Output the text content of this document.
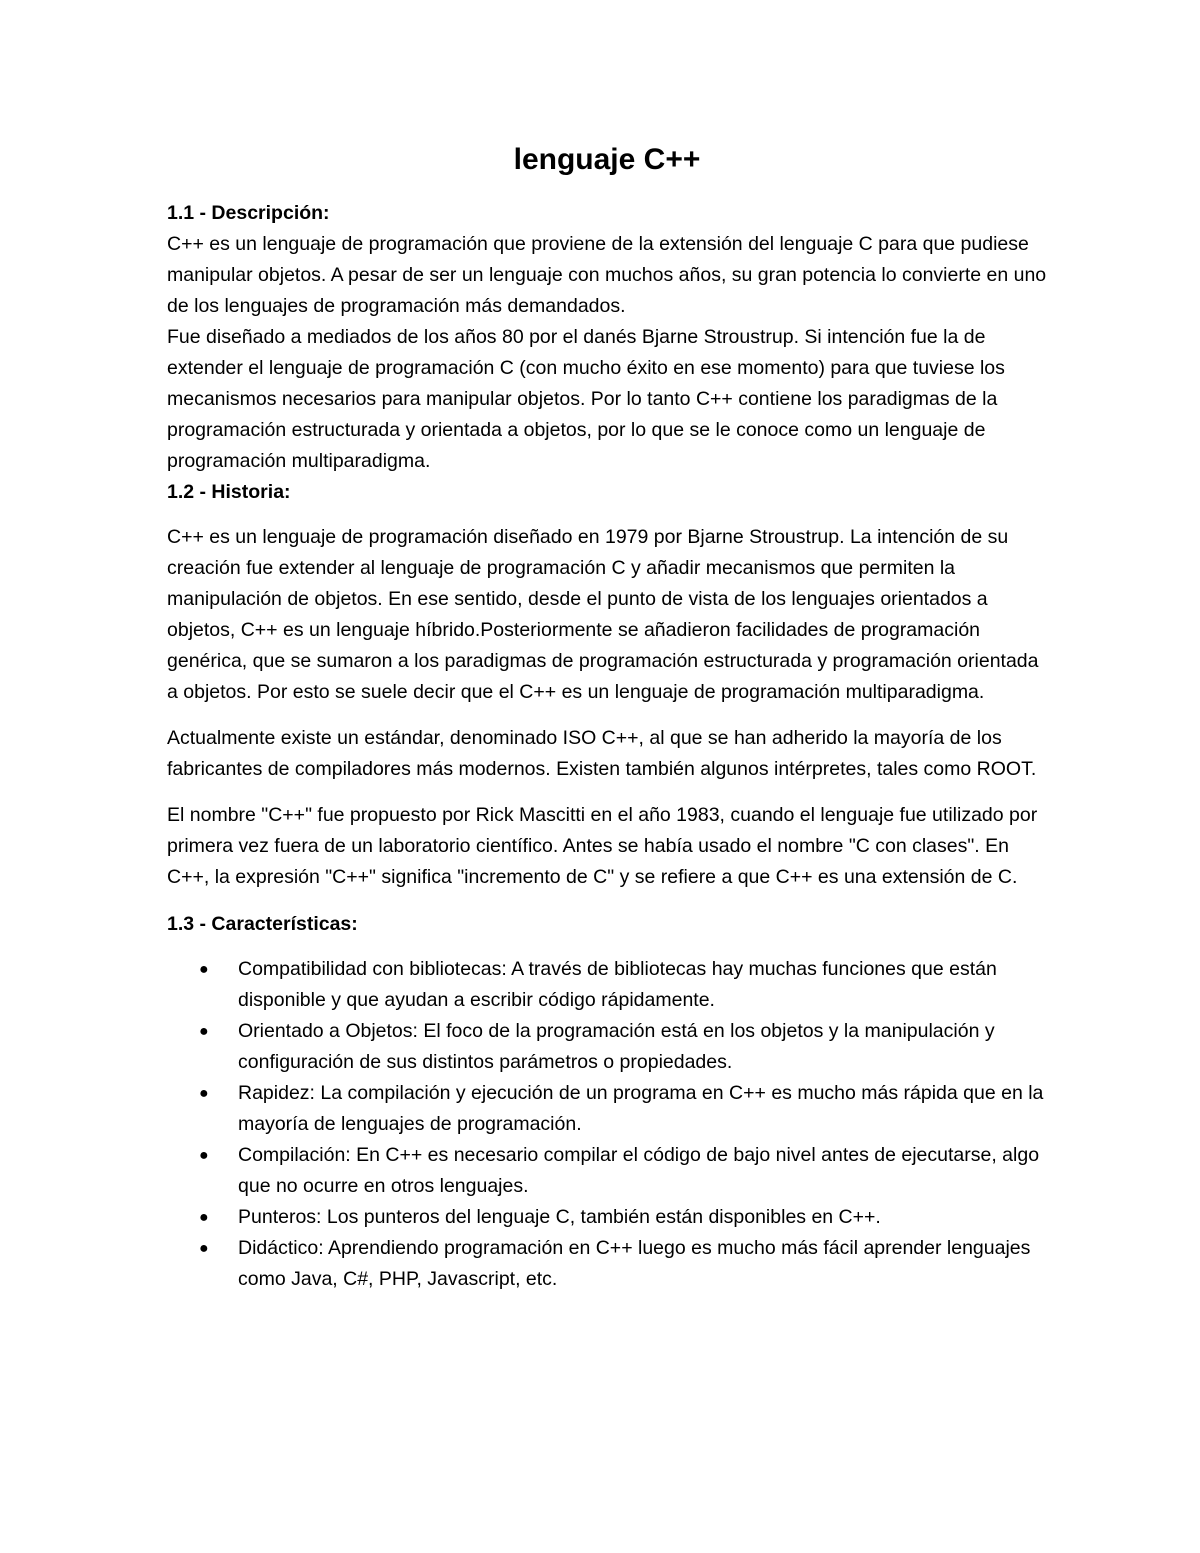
lenguaje C++
1.1 - Descripción:

C++ es un lenguaje de programación que proviene de la extensión del lenguaje C para que pudiese manipular objetos. A pesar de ser un lenguaje con muchos años, su gran potencia lo convierte en uno de los lenguajes de programación más demandados.

Fue diseñado a mediados de los años 80 por el danés Bjarne Stroustrup. Si intención fue la de extender el lenguaje de programación C (con mucho éxito en ese momento) para que tuviese los mecanismos necesarios para manipular objetos. Por lo tanto C++ contiene los paradigmas de la programación estructurada y orientada a objetos, por lo que se le conoce como un lenguaje de programación multiparadigma.

1.2 - Historia:

C++ es un lenguaje de programación diseñado en 1979 por Bjarne Stroustrup. La intención de su creación fue extender al lenguaje de programación C y añadir mecanismos que permiten la manipulación de objetos. En ese sentido, desde el punto de vista de los lenguajes orientados a objetos, C++ es un lenguaje híbrido.Posteriormente se añadieron facilidades de programación genérica, que se sumaron a los paradigmas de programación estructurada y programación orientada a objetos. Por esto se suele decir que el C++ es un lenguaje de programación multiparadigma.

Actualmente existe un estándar, denominado ISO C++, al que se han adherido la mayoría de los fabricantes de compiladores más modernos. Existen también algunos intérpretes, tales como ROOT.

El nombre "C++" fue propuesto por Rick Mascitti en el año 1983, cuando el lenguaje fue utilizado por primera vez fuera de un laboratorio científico. Antes se había usado el nombre "C con clases". En C++, la expresión "C++" significa "incremento de C" y se refiere a que C++ es una extensión de C.

1.3 - Características:
● Compatibilidad con bibliotecas: A través de bibliotecas hay muchas funciones que están disponible y que ayudan a escribir código rápidamente.
● Orientado a Objetos: El foco de la programación está en los objetos y la manipulación y configuración de sus distintos parámetros o propiedades.
● Rapidez: La compilación y ejecución de un programa en C++ es mucho más rápida que en la mayoría de lenguajes de programación.
● Compilación: En C++ es necesario compilar el código de bajo nivel antes de ejecutarse, algo que no ocurre en otros lenguajes.
● Punteros: Los punteros del lenguaje C, también están disponibles en C++.
● Didáctico: Aprendiendo programación en C++ luego es mucho más fácil aprender lenguajes como Java, C#, PHP, Javascript, etc.
